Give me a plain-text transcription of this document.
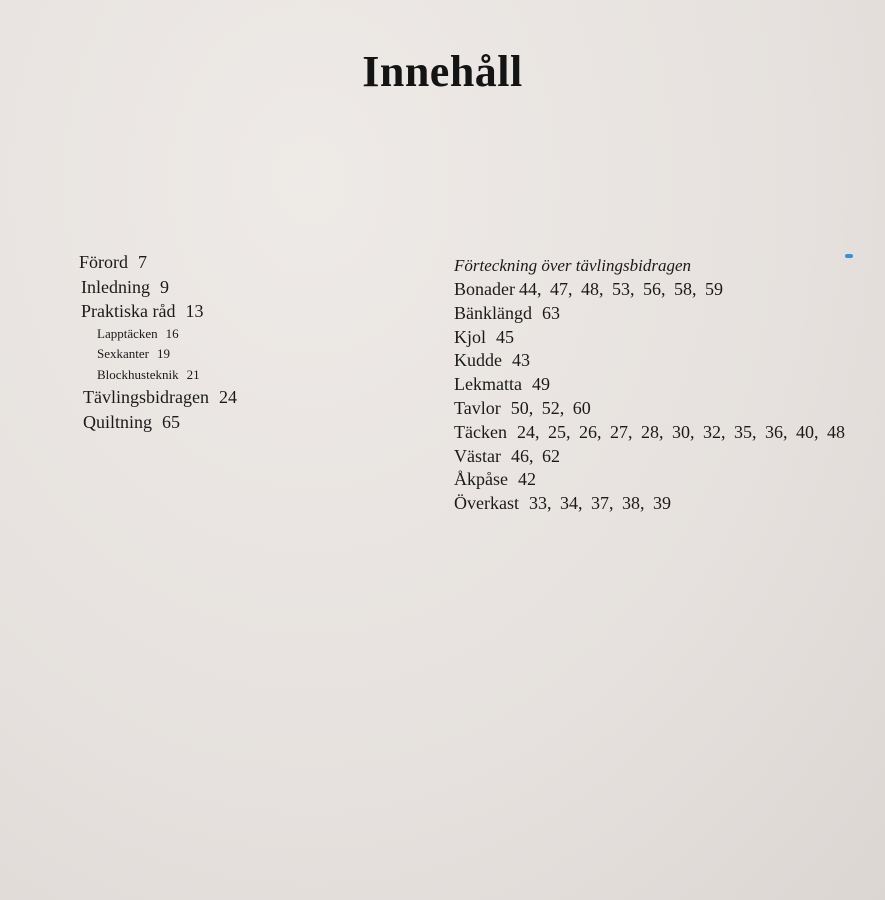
Innehåll
Förord 7
Inledning 9
Praktiska råd 13
Lapptäcken 16
Sexkanter 19
Blockhusteknik 21
Tävlingsbidragen 24
Quiltning 65
Förteckning över tävlingsbidragen
Bonader 44, 47, 48, 53, 56, 58, 59
Bänklängd 63
Kjol 45
Kudde 43
Lekmatta 49
Tavlor 50, 52, 60
Täcken 24, 25, 26, 27, 28, 30, 32, 35, 36, 40, 48
Västar 46, 62
Åkpåse 42
Överkast 33, 34, 37, 38, 39
